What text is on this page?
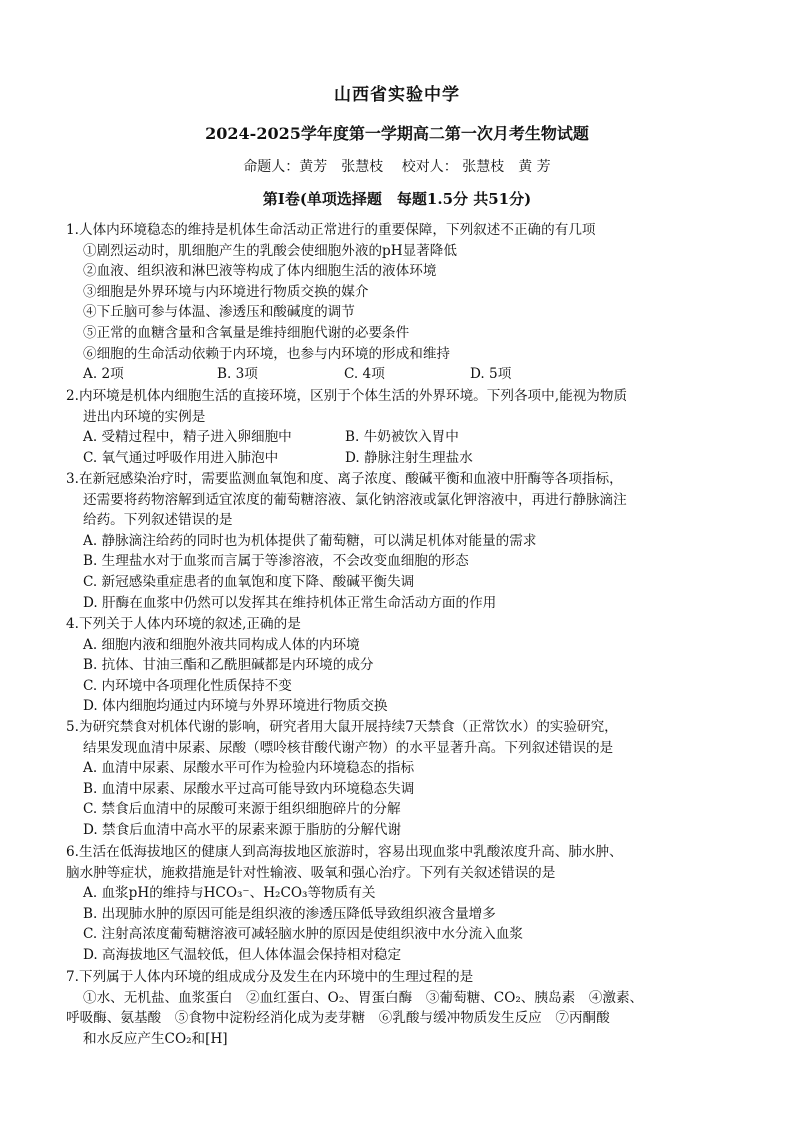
山西省实验中学
2024-2025学年度第一学期高二第一次月考生物试题
命题人：黄芳　张慧枝　 校对人： 张慧枝　黄 芳
第Ⅰ卷(单项选择题　每题1.5分 共51分)
1.人体内环境稳态的维持是机体生命活动正常进行的重要保障，下列叙述不正确的有几项
①剧烈运动时，肌细胞产生的乳酸会使细胞外液的pH显著降低
②血液、组织液和淋巴液等构成了体内细胞生活的液体环境
③细胞是外界环境与内环境进行物质交换的媒介
④下丘脑可参与体温、渗透压和酸碱度的调节
⑤正常的血糖含量和含氧量是维持细胞代谢的必要条件
⑥细胞的生命活动依赖于内环境，也参与内环境的形成和维持
A. 2项	B. 3项	C. 4项	D. 5项
2.内环境是机体内细胞生活的直接环境，区别于个体生活的外界环境。下列各项中,能视为物质
进出内环境的实例是
A. 受精过程中，精子进入卵细胞中	B. 牛奶被饮入胃中
C. 氧气通过呼吸作用进入肺泡中	D. 静脉注射生理盐水
3.在新冠感染治疗时，需要监测血氧饱和度、离子浓度、酸碱平衡和血液中肝酶等各项指标，
还需要将药物溶解到适宜浓度的葡萄糖溶液、氯化钠溶液或氯化钾溶液中，再进行静脉滴注
给药。下列叙述错误的是
A. 静脉滴注给药的同时也为机体提供了葡萄糖，可以满足机体对能量的需求
B. 生理盐水对于血浆而言属于等渗溶液，不会改变血细胞的形态
C. 新冠感染重症患者的血氧饱和度下降、酸碱平衡失调
D. 肝酶在血浆中仍然可以发挥其在维持机体正常生命活动方面的作用
4.下列关于人体内环境的叙述,正确的是
A. 细胞内液和细胞外液共同构成人体的内环境
B. 抗体、甘油三酯和乙酰胆碱都是内环境的成分
C. 内环境中各项理化性质保持不变
D. 体内细胞均通过内环境与外界环境进行物质交换
5.为研究禁食对机体代谢的影响，研究者用大鼠开展持续7天禁食（正常饮水）的实验研究，
结果发现血清中尿素、尿酸（嘌呤核苷酸代谢产物）的水平显著升高。下列叙述错误的是
A. 血清中尿素、尿酸水平可作为检验内环境稳态的指标
B. 血清中尿素、尿酸水平过高可能导致内环境稳态失调
C. 禁食后血清中的尿酸可来源于组织细胞碎片的分解
D. 禁食后血清中高水平的尿素来源于脂肪的分解代谢
6.生活在低海拔地区的健康人到高海拔地区旅游时，容易出现血浆中乳酸浓度升高、肺水肿、
脑水肿等症状，施救措施是针对性输液、吸氧和强心治疗。下列有关叙述错误的是
A. 血浆pH的维持与HCO₃⁻、H₂CO₃等物质有关
B. 出现肺水肿的原因可能是组织液的渗透压降低导致组织液含量增多
C. 注射高浓度葡萄糖溶液可减轻脑水肿的原因是使组织液中水分流入血浆
D. 高海拔地区气温较低，但人体体温会保持相对稳定
7.下列属于人体内环境的组成成分及发生在内环境中的生理过程的是
①水、无机盐、血浆蛋白　②血红蛋白、O₂、胃蛋白酶　③葡萄糖、CO₂、胰岛素　④激素、
呼吸酶、氨基酸　⑤食物中淀粉经消化成为麦芽糖　⑥乳酸与缓冲物质发生反应　⑦丙酮酸
和水反应产生CO₂和[H]
